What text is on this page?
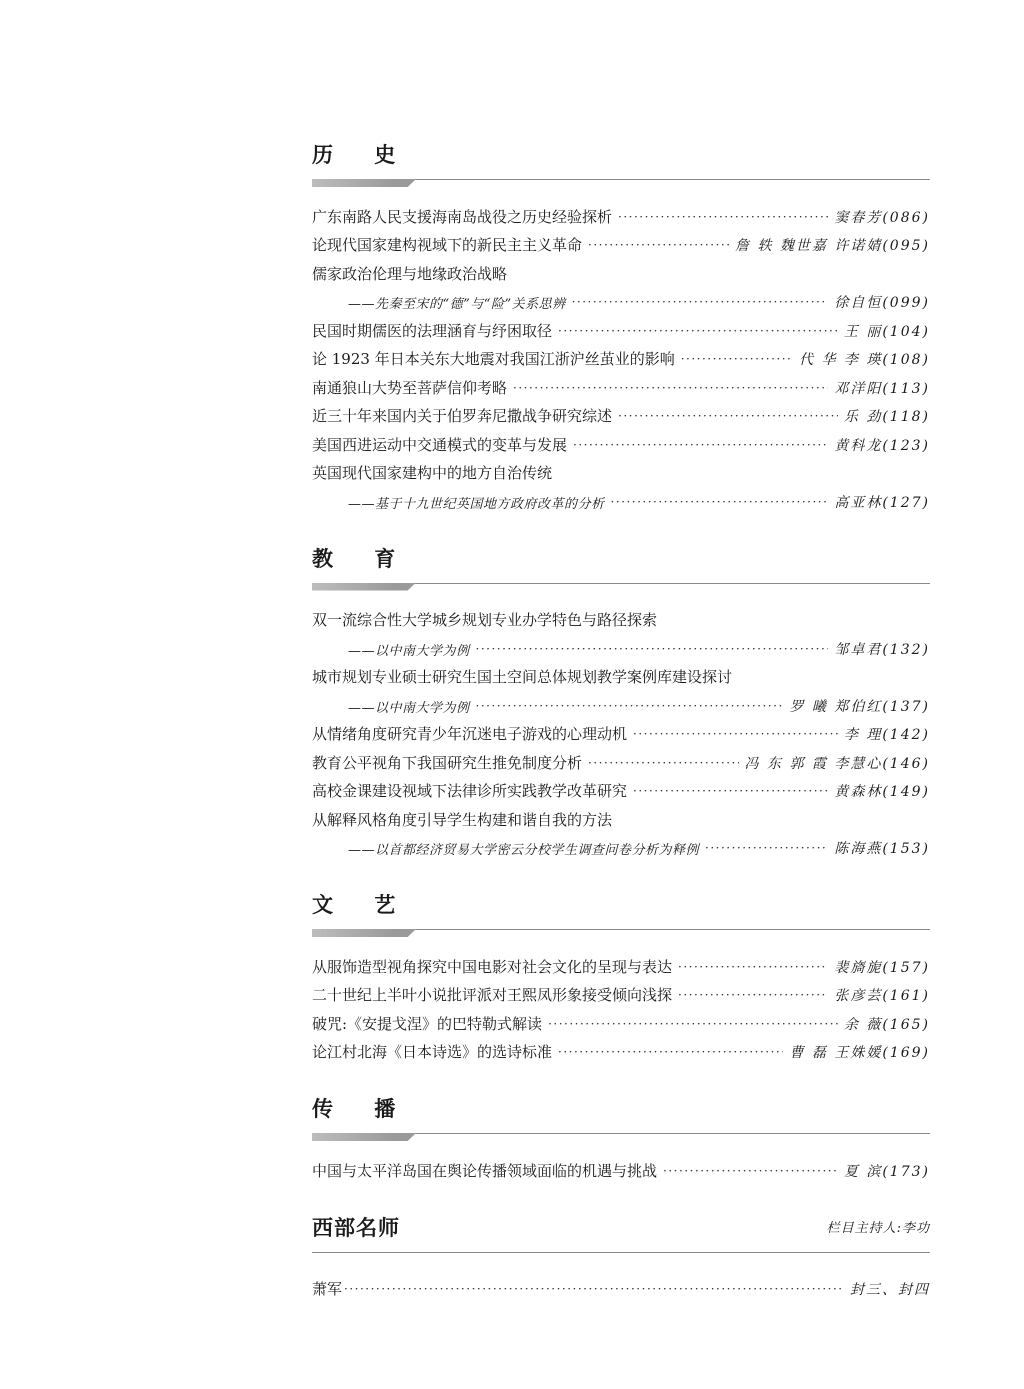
历 史
广东南路人民支援海南岛战役之历史经验探析 ·····	窦春芳(086)
论现代国家建构视域下的新民主主义革命 ·····	詹 轶 魏世嘉 许诺婧(095)
儒家政治伦理与地缘政治战略
——先秦至宋的“德”与“险”关系思辨 ·····	徐自恒(099)
民国时期儒医的法理涵育与纾困取径 ·····	王 丽(104)
论 1923 年日本关东大地震对我国江浙沪丝茧业的影响 ·····	代 华 李 瑛(108)
南通狼山大势至菩萨信仰考略 ·····	邓洋阳(113)
近三十年来国内关于伯罗奔尼撒战争研究综述 ·····	乐 劲(118)
美国西进运动中交通模式的变革与发展 ·····	黄科龙(123)
英国现代国家建构中的地方自治传统
——基于十九世纪英国地方政府改革的分析 ·····	高亚林(127)
教 育
双一流综合性大学城乡规划专业办学特色与路径探索
——以中南大学为例 ·····	邹卓君(132)
城市规划专业硕士研究生国土空间总体规划教学案例库建设探讨
——以中南大学为例 ·····	罗 曦 郑伯红(137)
从情绪角度研究青少年沉迷电子游戏的心理动机 ·····	李 理(142)
教育公平视角下我国研究生推免制度分析 ·····	冯 东 郭 霞 李慧心(146)
高校金课建设视域下法律诊所实践教学改革研究 ·····	黄森林(149)
从解释风格角度引导学生构建和谐自我的方法
——以首都经济贸易大学密云分校学生调查问卷分析为释例 ·····	陈海燕(153)
文 艺
从服饰造型视角探究中国电影对社会文化的呈现与表达 ·····	裴旖旎(157)
二十世纪上半叶小说批评派对王熙凤形象接受倾向浅探 ·····	张彦芸(161)
破咒:《安提戈涅》的巴特勒式解读 ·····	余 薇(165)
论江村北海《日本诗选》的选诗标准 ·····	曹 磊 王姝媛(169)
传 播
中国与太平洋岛国在舆论传播领域面临的机遇与挑战 ·····	夏 滨(173)
西部名师	栏目主持人:李功
萧军 ·····	封三、封四
